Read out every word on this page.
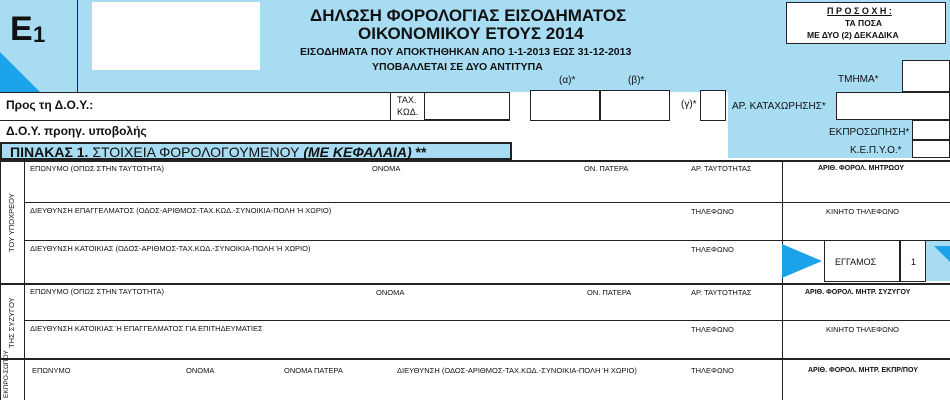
E 1
ΔΗΛΩΣΗ ΦΟΡΟΛΟΓΙΑΣ ΕΙΣΟΔΗΜΑΤΟΣ
ΟΙΚΟΝΟΜΙΚΟΥ ΕΤΟΥΣ 2014
ΕΙΣΟΔΗΜΑΤΑ ΠΟΥ ΑΠΟΚΤΗΘΗΚΑΝ ΑΠΟ 1-1-2013 ΕΩΣ 31-12-2013
ΥΠΟΒΑΛΛΕΤΑΙ ΣΕ ΔΥΟ ΑΝΤΙΤΥΠΑ
Π Ρ Ο Σ Ο Χ Η :
ΤΑ ΠΟΣΑ
ΜΕ ΔΥΟ (2) ΔΕΚΑΔΙΚΑ
(α)*	(β)*	ΤΜΗΜΑ*
Προς τη Δ.Ο.Υ.:	ΤΑΧ.
ΚΩΔ.
(γ)*	ΑΡ. ΚΑΤΑΧΩΡΗΣΗΣ*
Δ.Ο.Υ. προηγ. υποβολής	ΕΚΠΡΟΣΩΠΗΣΗ*
Κ.Ε.Π.Υ.Ο.*
ΠΙΝΑΚΑΣ 1. ΣΤΟΙΧΕΙΑ ΦΟΡΟΛΟΓΟΥΜΕΝΟΥ (ΜΕ ΚΕΦΑΛΑΙΑ) **
ΤΟΥ ΥΠΟΧΡΕΟΥ
ΕΠΩΝΥΜΟ (ΟΠΩΣ ΣΤΗΝ ΤΑΥΤΟΤΗΤΑ)	ΟΝΟΜΑ	ΟΝ. ΠΑΤΕΡΑ	ΑΡ. ΤΑΥΤΟΤΗΤΑΣ	ΑΡΙΘ. ΦΟΡΟΛ. ΜΗΤΡΩΟΥ
ΔΙΕΥΘΥΝΣΗ ΕΠΑΓΓΕΛΜΑΤΟΣ (ΟΔΟΣ-ΑΡΙΘΜΟΣ-ΤΑΧ.ΚΩΔ.-ΣΥΝΟΙΚΙΑ-ΠΟΛΗ Ή ΧΩΡΙΟ)	ΤΗΛΕΦΩΝΟ	ΚΙΝΗΤΟ ΤΗΛΕΦΩΝΟ
ΔΙΕΥΘΥΝΣΗ ΚΑΤΟΙΚΙΑΣ (ΟΔΟΣ-ΑΡΙΘΜΟΣ-ΤΑΧ.ΚΩΔ.-ΣΥΝΟΙΚΙΑ-ΠΟΛΗ Ή ΧΩΡΙΟ)	ΤΗΛΕΦΩΝΟ
ΕΓΓΑΜΟΣ	1
ΤΗΣ ΣΥΖΥΓΟΥ
ΕΠΩΝΥΜΟ (ΟΠΩΣ ΣΤΗΝ ΤΑΥΤΟΤΗΤΑ)	ΟΝΟΜΑ	ΟΝ. ΠΑΤΕΡΑ	ΑΡ. ΤΑΥΤΟΤΗΤΑΣ	ΑΡΙΘ. ΦΟΡΟΛ. ΜΗΤΡ. ΣΥΖΥΓΟΥ
ΔΙΕΥΘΥΝΣΗ ΚΑΤΟΙΚΙΑΣ Ή ΕΠΑΓΓΕΛΜΑΤΟΣ ΓΙΑ ΕΠΙΤΗΔΕΥΜΑΤΙΕΣ	ΤΗΛΕΦΩΝΟ	ΚΙΝΗΤΟ ΤΗΛΕΦΩΝΟ
ΕΚΠΡΟ-ΣΩΠΟΥ	ΕΠΩΝΥΜΟ	ΟΝΟΜΑ	ΟΝΟΜΑ ΠΑΤΕΡΑ	ΔΙΕΥΘΥΝΣΗ (ΟΔΟΣ-ΑΡΙΘΜΟΣ-ΤΑΧ.ΚΩΔ.-ΣΥΝΟΙΚΙΑ-ΠΟΛΗ Ή ΧΩΡΙΟ)	ΤΗΛΕΦΩΝΟ	ΑΡΙΘ. ΦΟΡΟΛ. ΜΗΤΡ. ΕΚΠΡ/ΠΟΥ
